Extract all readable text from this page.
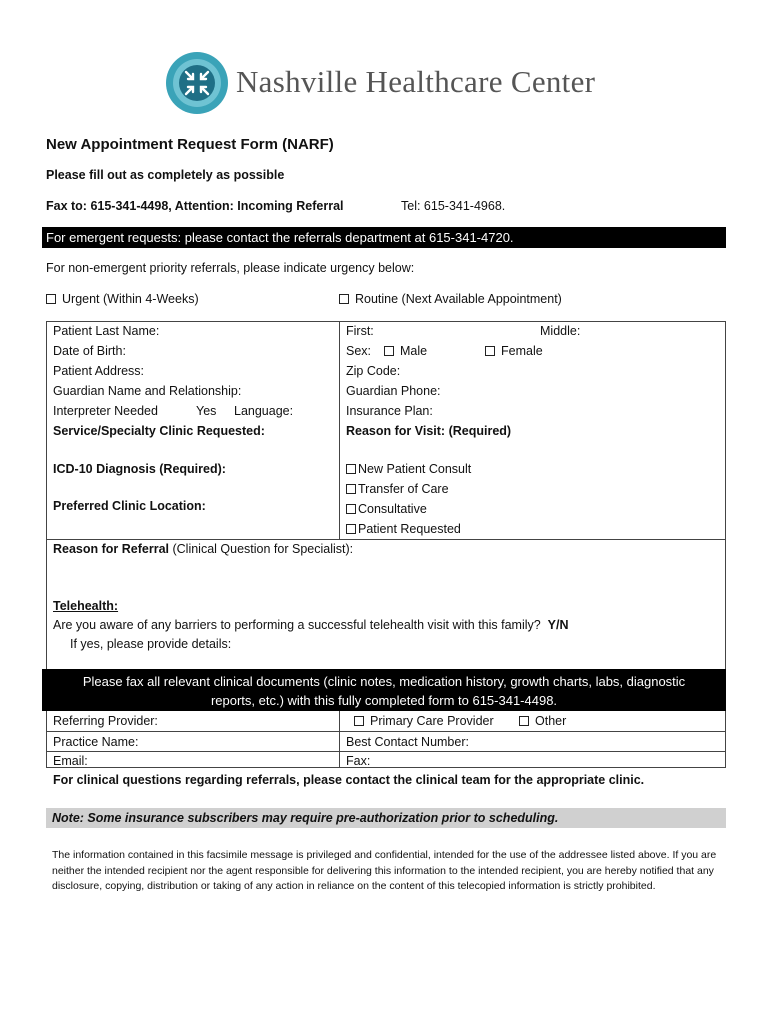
Nashville Healthcare Center
New Appointment Request Form (NARF)
Please fill out as completely as possible
Fax to: 615-341-4498, Attention: Incoming Referral	Tel: 615-341-4968.
For emergent requests: please contact the referrals department at 615-341-4720.
For non-emergent priority referrals, please indicate urgency below:
Urgent (Within 4-Weeks)	Routine (Next Available Appointment)
Patient Last Name:	First:	Middle:
Date of Birth:	Sex:	Male	Female
Patient Address:	Zip Code:
Guardian Name and Relationship:	Guardian Phone:
Interpreter Needed	Yes Language:	Insurance Plan:
Service/Specialty Clinic Requested:	Reason for Visit: (Required)
ICD-10 Diagnosis (Required):
Preferred Clinic Location:
New Patient Consult
Transfer of Care
Consultative
Patient Requested
Reason for Referral (Clinical Question for Specialist):
Telehealth:
Are you aware of any barriers to performing a successful telehealth visit with this family? Y/N
If yes, please provide details:
Please fax all relevant clinical documents (clinic notes, medication history, growth charts, labs, diagnostic
reports, etc.) with this fully completed form to 615-341-4498.
Referring Provider:	Primary Care Provider	Other
Practice Name:	Best Contact Number:
Email:	Fax:
For clinical questions regarding referrals, please contact the clinical team for the appropriate clinic.
Note: Some insurance subscribers may require pre-authorization prior to scheduling.
The information contained in this facsimile message is privileged and confidential, intended for the use of the addressee listed above. If you are neither the intended recipient nor the agent responsible for delivering this information to the intended recipient, you are hereby notified that any disclosure, copying, distribution or taking of any action in reliance on the content of this telecopied information is strictly prohibited.
